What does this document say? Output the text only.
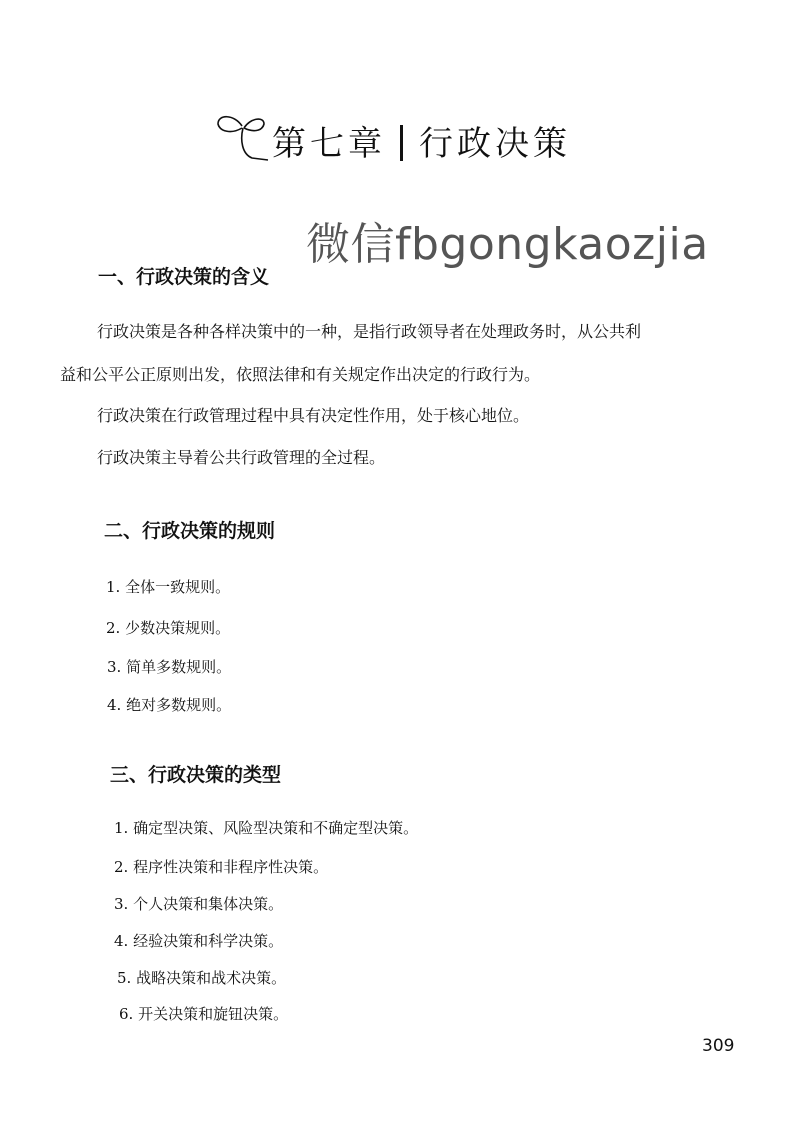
第七章 行政决策
微信fbgongkaozjia
一、行政决策的含义
行政决策是各种各样决策中的一种，是指行政领导者在处理政务时，从公共利
益和公平公正原则出发，依照法律和有关规定作出决定的行政行为。
行政决策在行政管理过程中具有决定性作用，处于核心地位。
行政决策主导着公共行政管理的全过程。
二、行政决策的规则
1. 全体一致规则。
2. 少数决策规则。
3. 简单多数规则。
4. 绝对多数规则。
三、行政决策的类型
1. 确定型决策、风险型决策和不确定型决策。
2. 程序性决策和非程序性决策。
3. 个人决策和集体决策。
4. 经验决策和科学决策。
5. 战略决策和战术决策。
6. 开关决策和旋钮决策。
309
